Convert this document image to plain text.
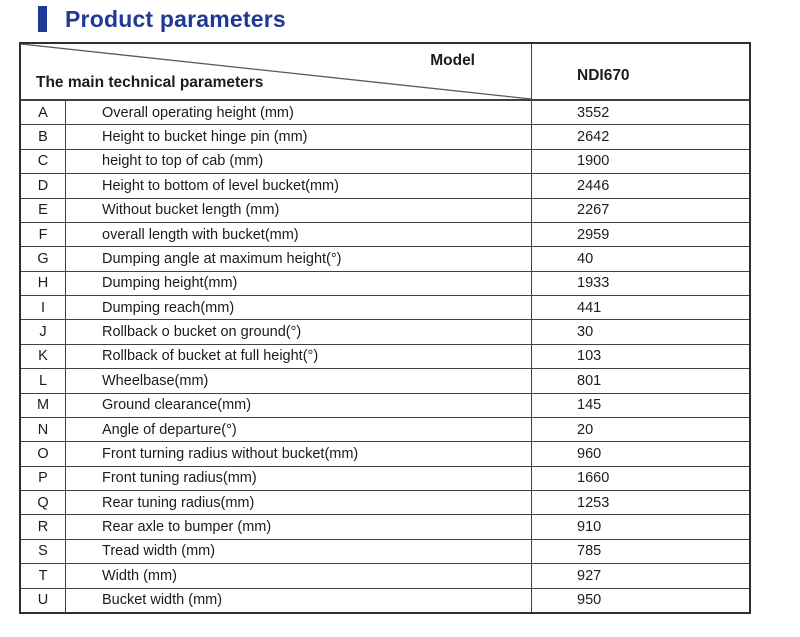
Product parameters
Model
The main technical parameters	NDI670
A	Overall operating height (mm)	3552
B	Height to bucket hinge pin (mm)	2642
C	height to top of cab (mm)	1900
D	Height to bottom of level bucket(mm)	2446
E	Without bucket length (mm)	2267
F	overall length with bucket(mm)	2959
G	Dumping angle at maximum height(°)	40
H	Dumping height(mm)	1933
I	Dumping reach(mm)	441
J	Rollback o bucket on ground(°)	30
K	Rollback of bucket at full height(°)	103
L	Wheelbase(mm)	801
M	Ground clearance(mm)	145
N	Angle of departure(°)	20
O	Front turning radius without bucket(mm)	960
P	Front tuning radius(mm)	1660
Q	Rear tuning radius(mm)	1253
R	Rear axle to bumper (mm)	910
S	Tread width (mm)	785
T	Width (mm)	927
U	Bucket width (mm)	950
